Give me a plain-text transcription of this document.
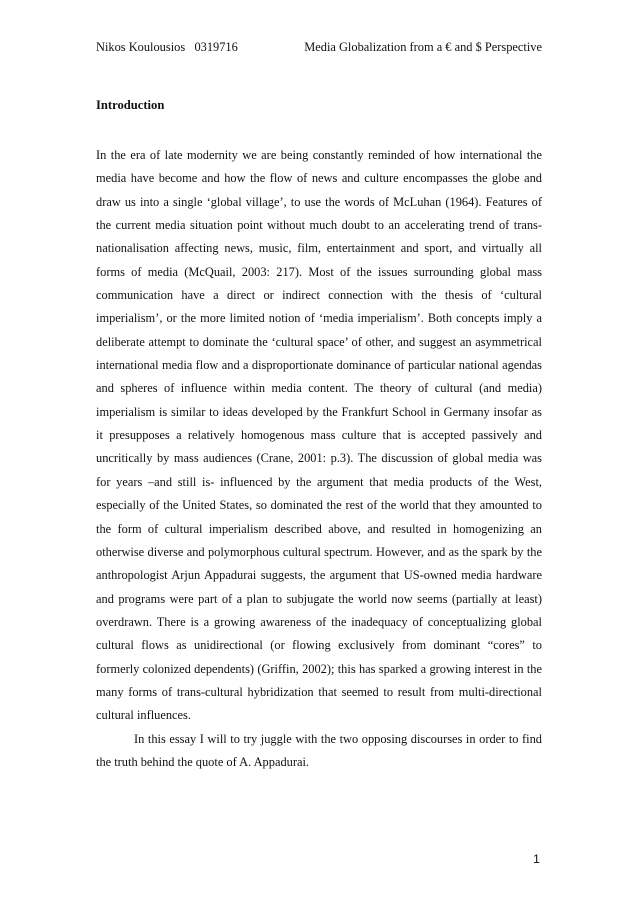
Nikos Koulousios   0319716	Media Globalization from a € and $ Perspective
Introduction

In the era of late modernity we are being constantly reminded of how international the media have become and how the flow of news and culture encompasses the globe and draw us into a single ‘global village’, to use the words of McLuhan (1964). Features of the current media situation point without much doubt to an accelerating trend of trans-nationalisation affecting news, music, film, entertainment and sport, and virtually all forms of media (McQuail, 2003: 217). Most of the issues surrounding global mass communication have a direct or indirect connection with the thesis of ‘cultural imperialism’, or the more limited notion of ‘media imperialism’. Both concepts imply a deliberate attempt to dominate the ‘cultural space’ of other, and suggest an asymmetrical international media flow and a disproportionate dominance of particular national agendas and spheres of influence within media content. The theory of cultural (and media) imperialism is similar to ideas developed by the Frankfurt School in Germany insofar as it presupposes a relatively homogenous mass culture that is accepted passively and uncritically by mass audiences (Crane, 2001: p.3). The discussion of global media was for years –and still is- influenced by the argument that media products of the West, especially of the United States, so dominated the rest of the world that they amounted to the form of cultural imperialism described above, and resulted in homogenizing an otherwise diverse and polymorphous cultural spectrum. However, and as the spark by the anthropologist Arjun Appadurai suggests, the argument that US-owned media hardware and programs were part of a plan to subjugate the world now seems (partially at least) overdrawn. There is a growing awareness of the inadequacy of conceptualizing global cultural flows as unidirectional (or flowing exclusively from dominant “cores” to formerly colonized dependents) (Griffin, 2002); this has sparked a growing interest in the many forms of trans-cultural hybridization that seemed to result from multi-directional cultural influences.

In this essay I will to try juggle with the two opposing discourses in order to find the truth behind the quote of A. Appadurai.

1
